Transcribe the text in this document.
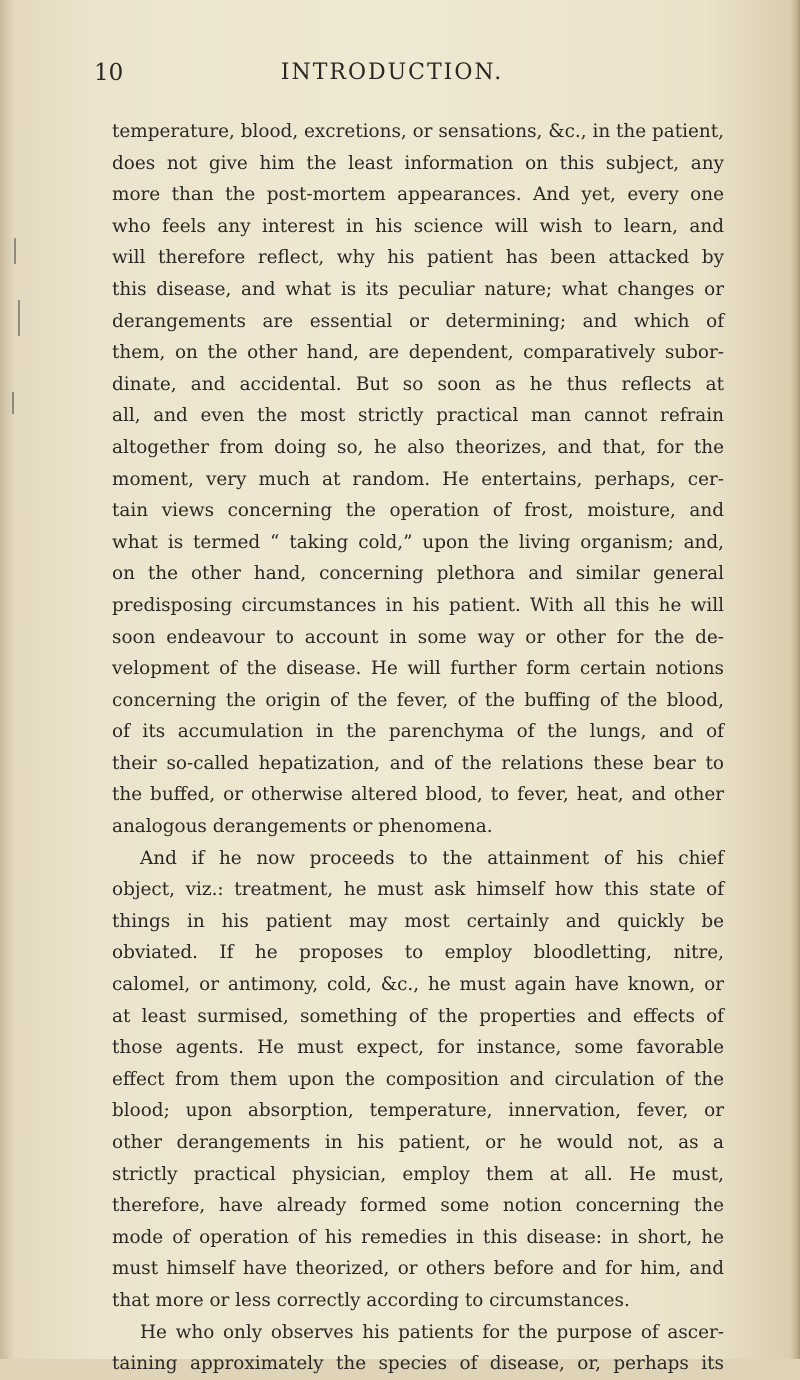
10	INTRODUCTION.
temperature, blood, excretions, or sensations, &c., in the patient,
does not give him the least information on this subject, any
more than the post-mortem appearances. And yet, every one
who feels any interest in his science will wish to learn, and
will therefore reflect, why his patient has been attacked by
this disease, and what is its peculiar nature; what changes or
derangements are essential or determining; and which of
them, on the other hand, are dependent, comparatively subor-
dinate, and accidental. But so soon as he thus reflects at
all, and even the most strictly practical man cannot refrain
altogether from doing so, he also theorizes, and that, for the
moment, very much at random. He entertains, perhaps, cer-
tain views concerning the operation of frost, moisture, and
what is termed “ taking cold,” upon the living organism; and,
on the other hand, concerning plethora and similar general
predisposing circumstances in his patient. With all this he will
soon endeavour to account in some way or other for the de-
velopment of the disease. He will further form certain notions
concerning the origin of the fever, of the buffing of the blood,
of its accumulation in the parenchyma of the lungs, and of
their so-called hepatization, and of the relations these bear to
the buffed, or otherwise altered blood, to fever, heat, and other
analogous derangements or phenomena.
And if he now proceeds to the attainment of his chief
object, viz.: treatment, he must ask himself how this state of
things in his patient may most certainly and quickly be
obviated. If he proposes to employ bloodletting, nitre,
calomel, or antimony, cold, &c., he must again have known, or
at least surmised, something of the properties and effects of
those agents. He must expect, for instance, some favorable
effect from them upon the composition and circulation of the
blood; upon absorption, temperature, innervation, fever, or
other derangements in his patient, or he would not, as a
strictly practical physician, employ them at all. He must,
therefore, have already formed some notion concerning the
mode of operation of his remedies in this disease: in short, he
must himself have theorized, or others before and for him, and
that more or less correctly according to circumstances.
He who only observes his patients for the purpose of ascer-
taining approximately the species of disease, or, perhaps its
